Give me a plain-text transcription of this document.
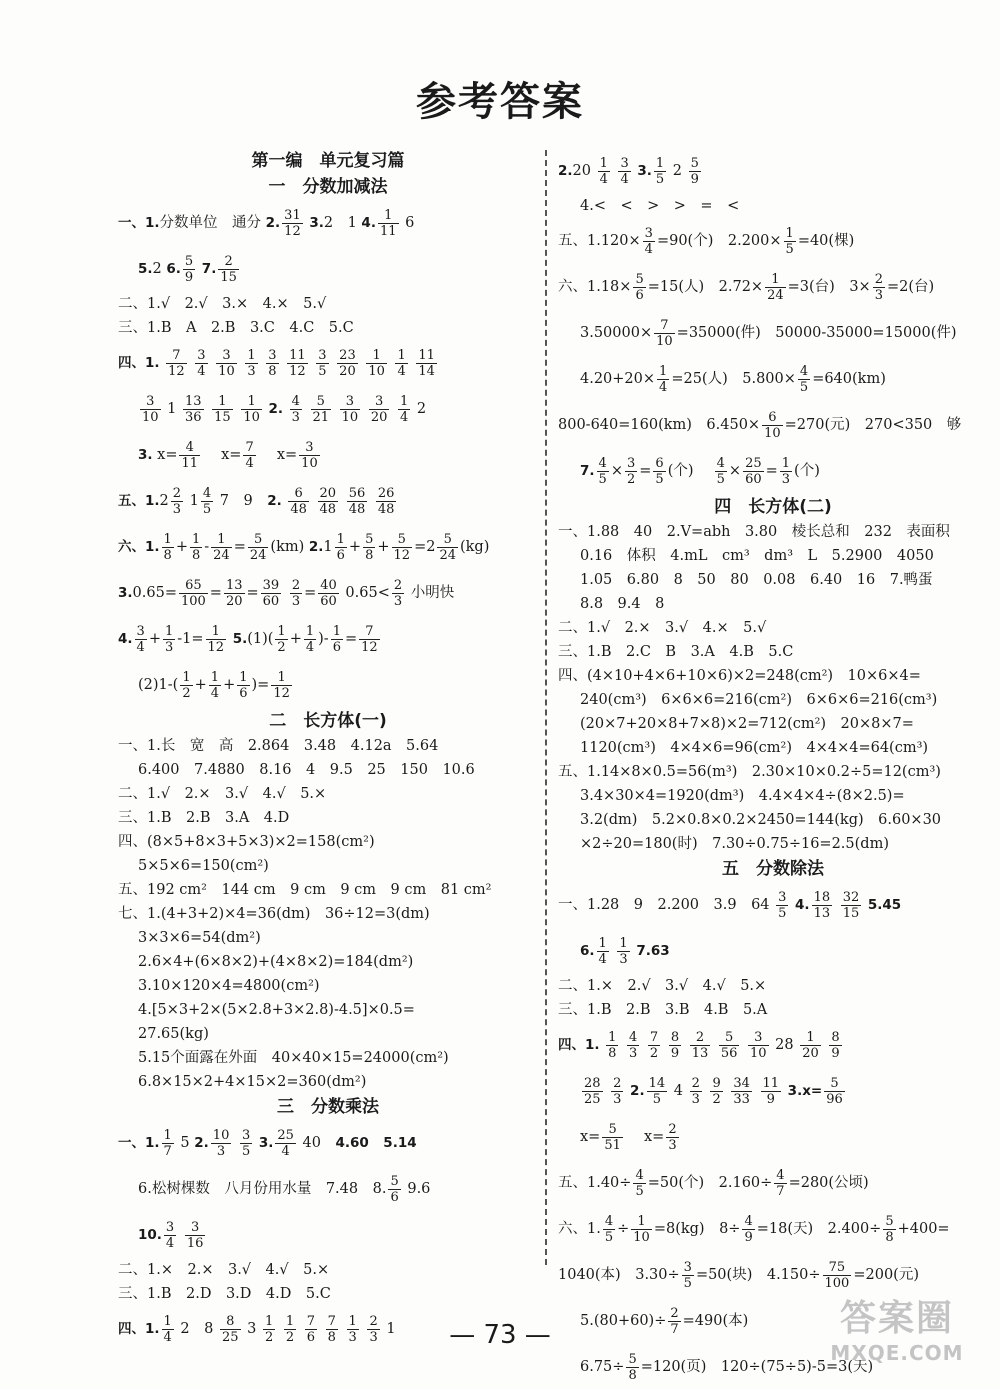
参考答案
第一编　单元复习篇
一　分数加减法
一、1.分数单位　通分 2. $\frac{31}{12} 3.2$　1 4. $\frac{1}{11} 6$
5.2 6. $\frac{5}{9} 7$. $\frac{2}{15}$
二、1.√　2.√　3.×　4.×　5.√
三、1.B　A　2.B　3.C　4.C　5.C
四、1. $\frac{7}{12}$
$\frac{3}{4}$
$\frac{3}{10}$
$\frac{1}{3}$
$\frac{3}{8}$
$\frac{11}{12}$
$\frac{3}{5}$
$\frac{23}{20}$
$\frac{1}{10}$
$\frac{1}{4}$
$\frac{11}{14}$
$\frac{3}{10} 1 \frac{13}{36}$
$\frac{1}{15}$
$\frac{1}{10} 2$. $\frac{4}{3}$
$\frac{5}{21}$
$\frac{3}{10}$
$\frac{3}{20}$
$\frac{1}{4} 2$
3. $x= \frac{4}{11}$ 　$x= \frac{7}{4}$ 　$x= \frac{3}{10}$
五、$1.2 \frac{2}{3} 1 \frac{4}{5} 7$　9　 2. $\frac{6}{48}$
$\frac{20}{48}$
$\frac{56}{48}$
$\frac{26}{48}$
六、1. $\frac{1}{8} + \frac{1}{8} - \frac{1}{24} = \frac{5}{24} (km)$ $2.1 \frac{1}{6} + \frac{5}{8} + \frac{5}{12} =2 \frac{5}{24} (kg)$
$3.0.65= \frac{65}{100} = \frac{13}{20} = \frac{39}{60}$
$\frac{2}{3} = \frac{40}{60} 0.65< \frac{2}{3}$ 小明快
4. $\frac{3}{4} + \frac{1}{3} -1= \frac{1}{12} 5.(1)( \frac{1}{2} + \frac{1}{4}$ )- $\frac{1}{6} = \frac{7}{12}$
$(2)1-( \frac{1}{2} + \frac{1}{4} + \frac{1}{6}$ )= $\frac{1}{12}$
二　长方体(一)
一、1.长　宽　高　2.864　3.48　4.12a　5.64
6.400　7.4880　8.16　4　9.5　25　150　10.6
二、1.√　2.×　3.√　4.√　5.×
三、1.B　2.B　3.A　4.D
四、(8×5+8×3+5×3)×2=158(cm²)
5×5×6=150(cm²)
五、192 cm²　144 cm　9 cm　9 cm　9 cm　81 cm²
七、1.(4+3+2)×4=36(dm)　36÷12=3(dm)
3×3×6=54(dm²)
2.6×4+(6×8×2)+(4×8×2)=184(dm²)
3.10×120×4=4800(cm²)
4.[5×3+2×(5×2.8+3×2.8)-4.5]×0.5=
27.65(kg)
5.15个面露在外面　40×40×15=24000(cm²)
6.8×15×2+4×15×2=360(dm²)
三　分数乘法
一、1. $\frac{1}{7} 5$ 2. $\frac{10}{3}$
$\frac{3}{5} 3$. $\frac{25}{4} 40$　 4.60　 5.14
6.松树棵数　八月份用水量　7.48　8. $\frac{5}{6} 9.6$
10. $\frac{3}{4}$
$\frac{3}{16}$
二、1.×　2.×　3.√　4.√　5.×
三、1.B　2.D　3.D　4.D　5.C
四、1. $\frac{1}{4} 2$　$8 \frac{8}{25} 3 \frac{1}{2}$
$\frac{1}{2}$
$\frac{7}{6}$
$\frac{7}{8}$
$\frac{1}{3}$
$\frac{2}{3} 1$
$2.20 \frac{1}{4}$
$\frac{3}{4} 3$. $\frac{1}{5} 2 \frac{5}{9}$
4.<　<　>　>　=　<
五、$1.120\times \frac{3}{4} =90$(个)　$2.200\times \frac{1}{5} =40$(棵)
六、$1.18\times \frac{5}{6} =15$(人)　$2.72\times \frac{1}{24} =3$(台)　$3\times \frac{2}{3} =2$(台)
$3.50000\times \frac{7}{10} =35000$(件)　50000-35000=15000(件)
$4.20+20\times \frac{1}{4} =25$(人)　$5.800\times \frac{4}{5} =640(km)$
800-640=160(km)　$6.450\times \frac{6}{10} =270$(元)　270<350　够
7. $\frac{4}{5} \times \frac{3}{2} = \frac{6}{5}$ (个) 　 $\frac{4}{5} \times \frac{25}{60} = \frac{1}{3}$ (个)
四　长方体(二)
一、1.88　40　2.V=abh　3.80　棱长总和　232　表面积
0.16　体积　4.mL　cm³　dm³　L　5.2900　4050
1.05　6.80　8　50　80　0.08　6.40　16　7.鸭蛋
8.8　9.4　8
二、1.√　2.×　3.√　4.×　5.√
三、1.B　2.C　B　3.A　4.B　5.C
四、(4×10+4×6+10×6)×2=248(cm²)　10×6×4=
240(cm³)　6×6×6=216(cm²)　6×6×6=216(cm³)
(20×7+20×8+7×8)×2=712(cm²)　20×8×7=
1120(cm³)　4×4×6=96(cm²)　4×4×4=64(cm³)
五、1.14×8×0.5=56(m³)　2.30×10×0.2÷5=12(cm³)
3.4×30×4=1920(dm³)　4.4×4×4÷(8×2.5)=
3.2(dm)　5.2×0.8×0.2×2450=144(kg)　6.60×30
×2÷20=180(时)　7.30÷0.75÷16=2.5(dm)
五　分数除法
一、1.28　9　2.200　3.9　$64 \frac{3}{5} 4$. $\frac{18}{13}$
$\frac{32}{15} 5.45$
6. $\frac{1}{4}$
$\frac{1}{3} 7.63$
二、1.×　2.√　3.√　4.√　5.×
三、1.B　2.B　3.B　4.B　5.A
四、1. $\frac{1}{8}$
$\frac{4}{3}$
$\frac{7}{2}$
$\frac{8}{9}$
$\frac{2}{13}$
$\frac{5}{56}$
$\frac{3}{10} 28 \frac{1}{20}$
$\frac{8}{9}$
$\frac{28}{25}$
$\frac{2}{3} 2$. $\frac{14}{5} 4 \frac{2}{3}$
$\frac{9}{2}$
$\frac{34}{33}$
$\frac{11}{9} 3.x= \frac{5}{96}$
$x= \frac{5}{51}$
　 $x= \frac{2}{3}$
五、$1.40\div \frac{4}{5} =50$(个)　$2.160\div \frac{4}{7} =280$(公顷)
六、1. $\frac{4}{5} \div \frac{1}{10} =8(kg)$　$8\div \frac{4}{9} =18$(天)　$2.400\div \frac{5}{8} +400=$
1040(本)　$3.30\div \frac{3}{5} =50$(块)　$4.150\div \frac{75}{100} =200$(元)
$5.(80+60)\div \frac{2}{7} =490$(本)
$6.75\div \frac{5}{8} =120$(页)　120÷(75÷5)-5=3(天)
— 73 —	答案圈
MXQE.COM
